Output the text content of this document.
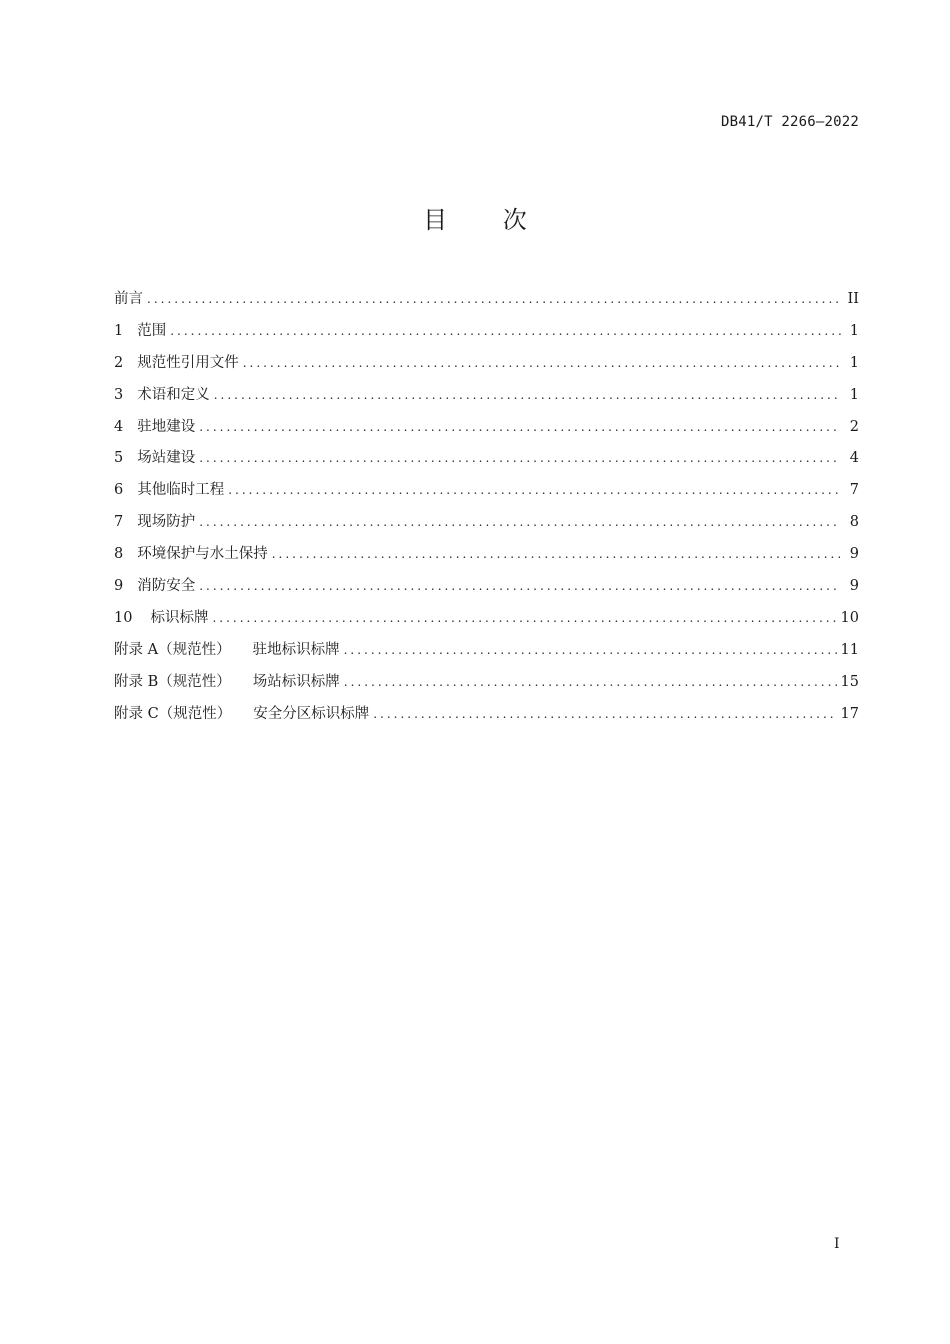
DB41/T 2266—2022
目 次
前言 .....	II
1 范围 .....	1
2 规范性引用文件 .....	1
3 术语和定义 .....	1
4 驻地建设 .....	2
5 场站建设 .....	4
6 其他临时工程 .....	7
7 现场防护 .....	8
8 环境保护与水土保持 .....	9
9 消防安全 .....	9
10 标识标牌 .....	10
附录 A（规范性） 驻地标识标牌 .....	11
附录 B（规范性） 场站标识标牌 .....	15
附录 C（规范性） 安全分区标识标牌 .....	17
I
